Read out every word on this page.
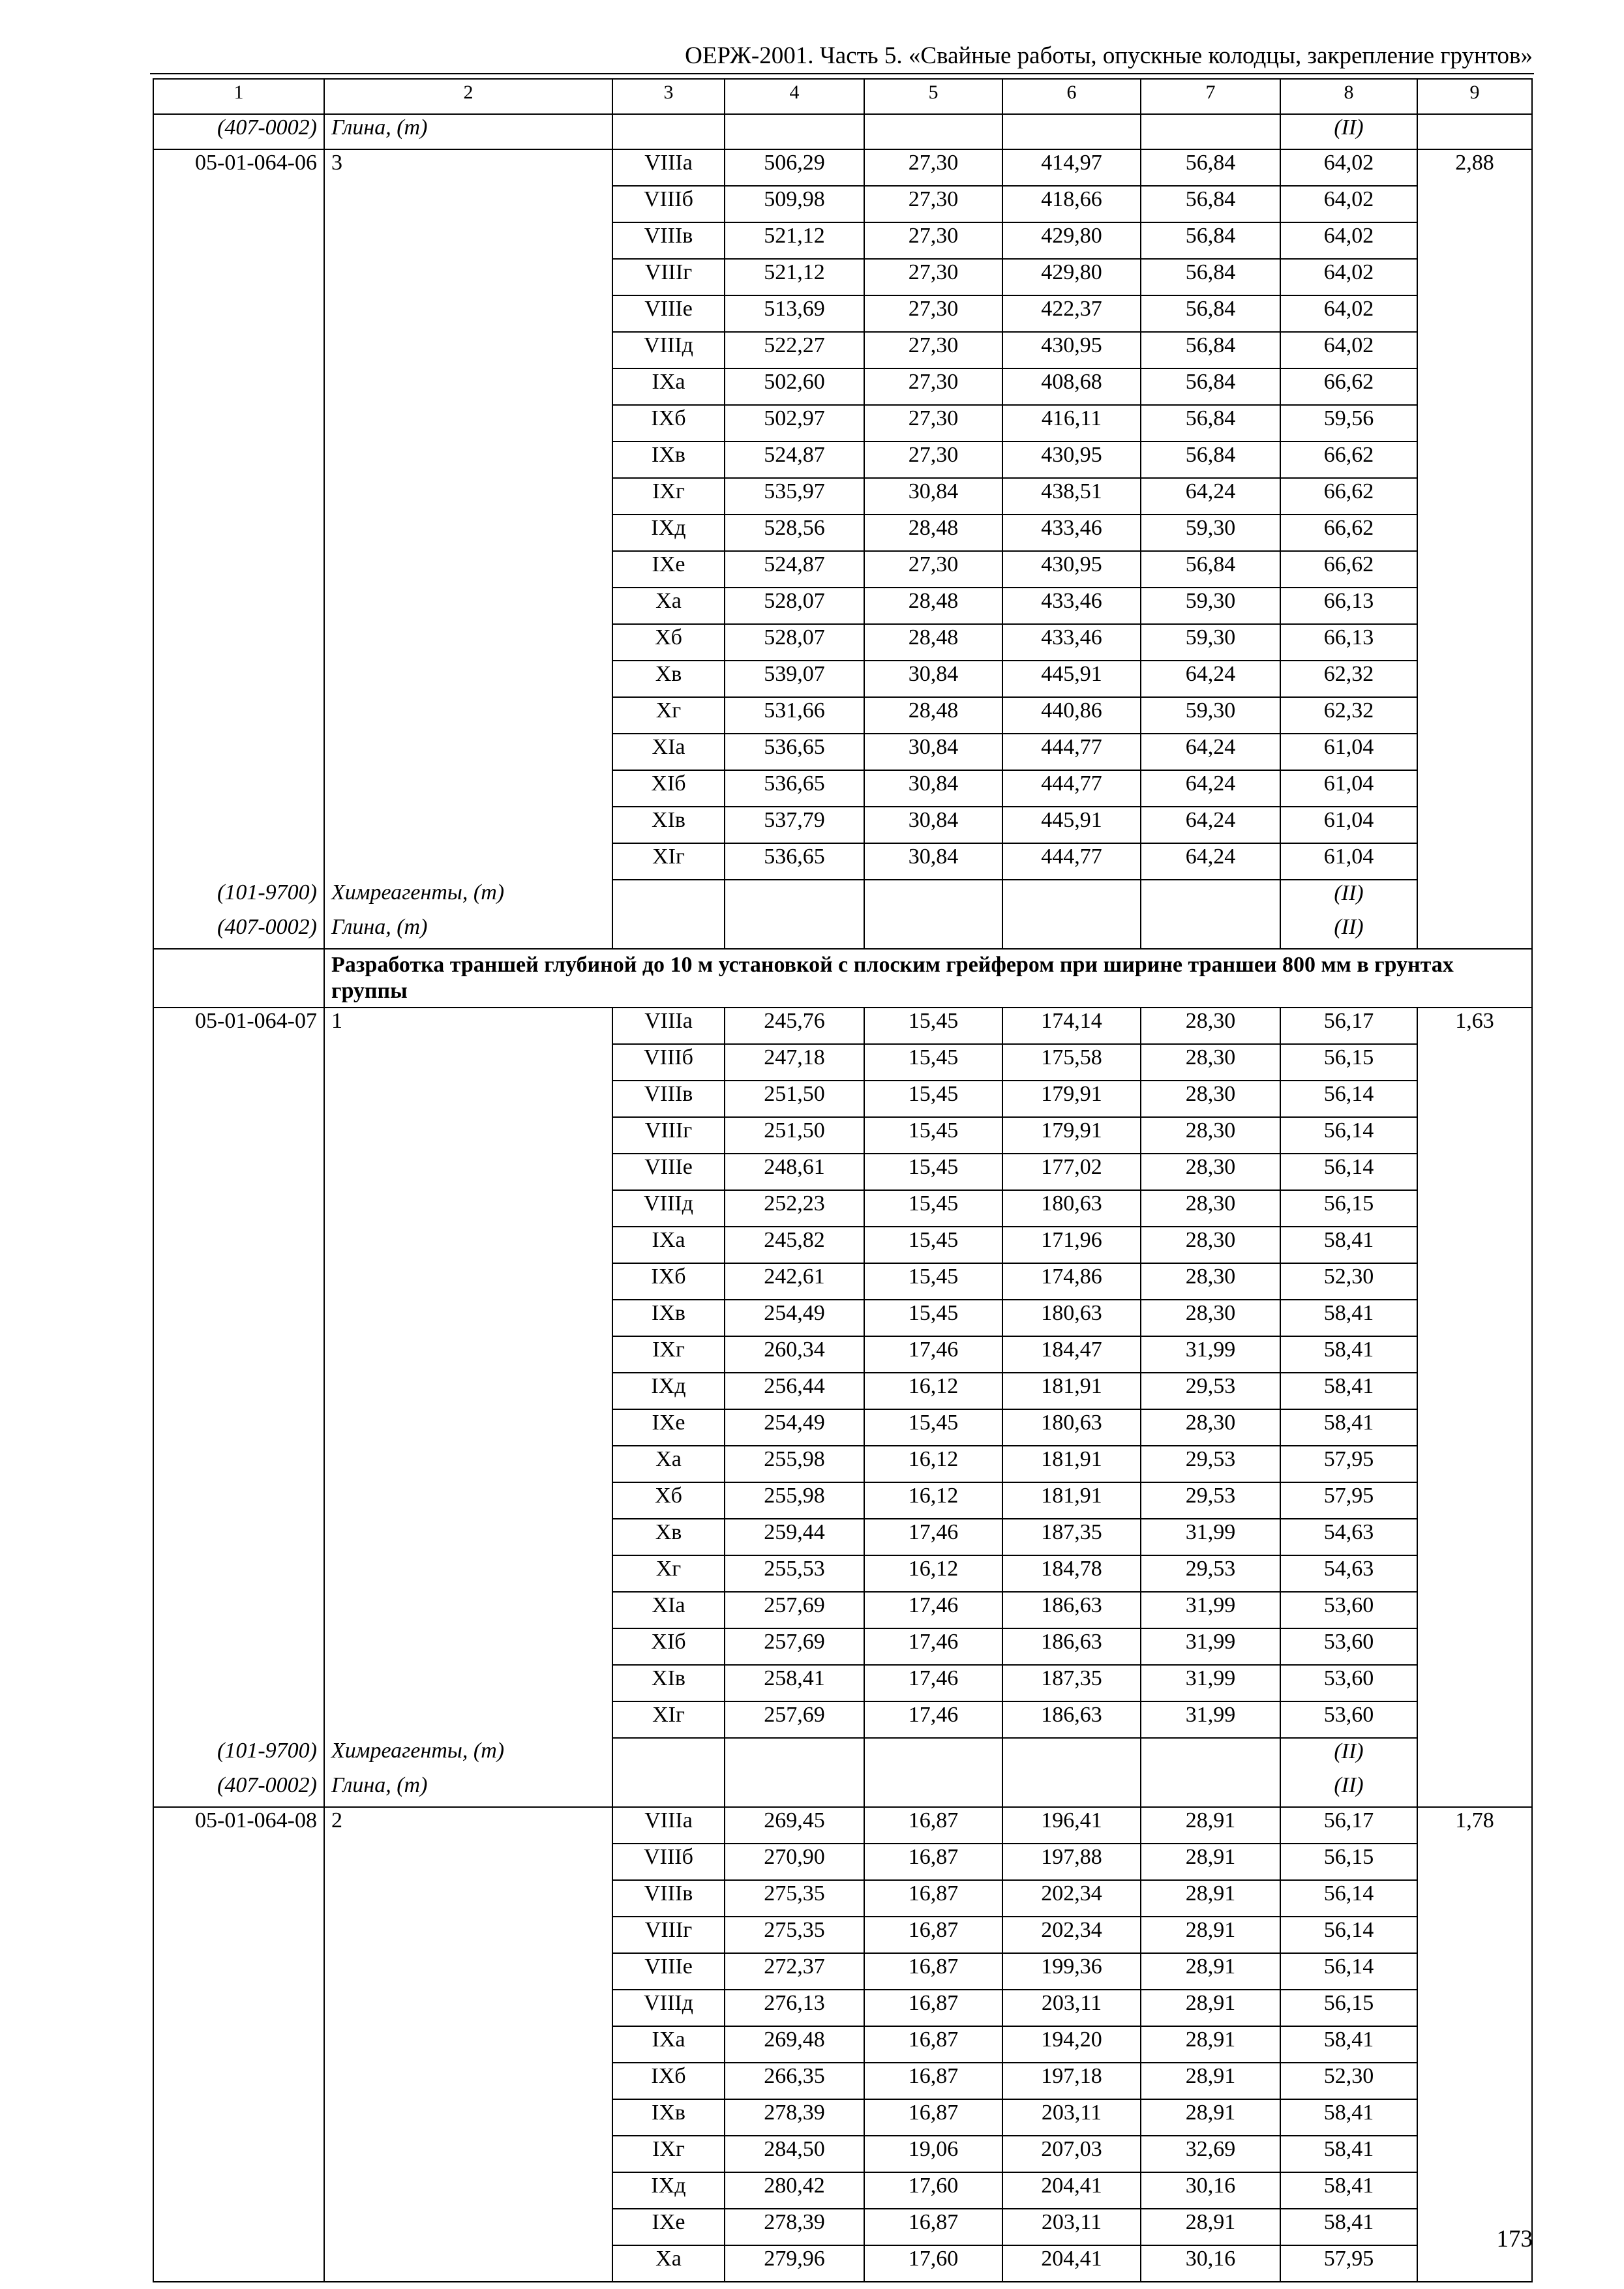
ОЕРЖ-2001. Часть 5. «Свайные работы, опускные колодцы, закрепление грунтов»
1	2	3	4	5	6	7	8	9
(407-0002)	Глина, (т)						(II)	
05-01-064-06	3	VIIIа	506,29	27,30	414,97	56,84	64,02	2,88
		VIIIб	509,98	27,30	418,66	56,84	64,02	
		VIIIв	521,12	27,30	429,80	56,84	64,02	
		VIIIг	521,12	27,30	429,80	56,84	64,02	
		VIIIе	513,69	27,30	422,37	56,84	64,02	
		VIIIд	522,27	27,30	430,95	56,84	64,02	
		IXа	502,60	27,30	408,68	56,84	66,62	
		IXб	502,97	27,30	416,11	56,84	59,56	
		IXв	524,87	27,30	430,95	56,84	66,62	
		IXг	535,97	30,84	438,51	64,24	66,62	
		IXд	528,56	28,48	433,46	59,30	66,62	
		IXе	524,87	27,30	430,95	56,84	66,62	
		Xа	528,07	28,48	433,46	59,30	66,13	
		Xб	528,07	28,48	433,46	59,30	66,13	
		Xв	539,07	30,84	445,91	64,24	62,32	
		Xг	531,66	28,48	440,86	59,30	62,32	
		XIа	536,65	30,84	444,77	64,24	61,04	
		XIб	536,65	30,84	444,77	64,24	61,04	
		XIв	537,79	30,84	445,91	64,24	61,04	
		XIг	536,65	30,84	444,77	64,24	61,04	
(101-9700)	Химреагенты, (т)						(II)	
(407-0002)	Глина, (т)						(II)	
	Разработка траншей глубиной до 10 м установкой с плоским грейфером при ширине траншеи 800 мм в грунтах группы							
05-01-064-07	1	VIIIа	245,76	15,45	174,14	28,30	56,17	1,63
		VIIIб	247,18	15,45	175,58	28,30	56,15	
		VIIIв	251,50	15,45	179,91	28,30	56,14	
		VIIIг	251,50	15,45	179,91	28,30	56,14	
		VIIIе	248,61	15,45	177,02	28,30	56,14	
		VIIIд	252,23	15,45	180,63	28,30	56,15	
		IXа	245,82	15,45	171,96	28,30	58,41	
		IXб	242,61	15,45	174,86	28,30	52,30	
		IXв	254,49	15,45	180,63	28,30	58,41	
		IXг	260,34	17,46	184,47	31,99	58,41	
		IXд	256,44	16,12	181,91	29,53	58,41	
		IXе	254,49	15,45	180,63	28,30	58,41	
		Xа	255,98	16,12	181,91	29,53	57,95	
		Xб	255,98	16,12	181,91	29,53	57,95	
		Xв	259,44	17,46	187,35	31,99	54,63	
		Xг	255,53	16,12	184,78	29,53	54,63	
		XIа	257,69	17,46	186,63	31,99	53,60	
		XIб	257,69	17,46	186,63	31,99	53,60	
		XIв	258,41	17,46	187,35	31,99	53,60	
		XIг	257,69	17,46	186,63	31,99	53,60	
(101-9700)	Химреагенты, (т)						(II)	
(407-0002)	Глина, (т)						(II)	
05-01-064-08	2	VIIIа	269,45	16,87	196,41	28,91	56,17	1,78
		VIIIб	270,90	16,87	197,88	28,91	56,15	
		VIIIв	275,35	16,87	202,34	28,91	56,14	
		VIIIг	275,35	16,87	202,34	28,91	56,14	
		VIIIе	272,37	16,87	199,36	28,91	56,14	
		VIIIд	276,13	16,87	203,11	28,91	56,15	
		IXа	269,48	16,87	194,20	28,91	58,41	
		IXб	266,35	16,87	197,18	28,91	52,30	
		IXв	278,39	16,87	203,11	28,91	58,41	
		IXг	284,50	19,06	207,03	32,69	58,41	
		IXд	280,42	17,60	204,41	30,16	58,41	
		IXе	278,39	16,87	203,11	28,91	58,41	
		Xа	279,96	17,60	204,41	30,16	57,95	
173
